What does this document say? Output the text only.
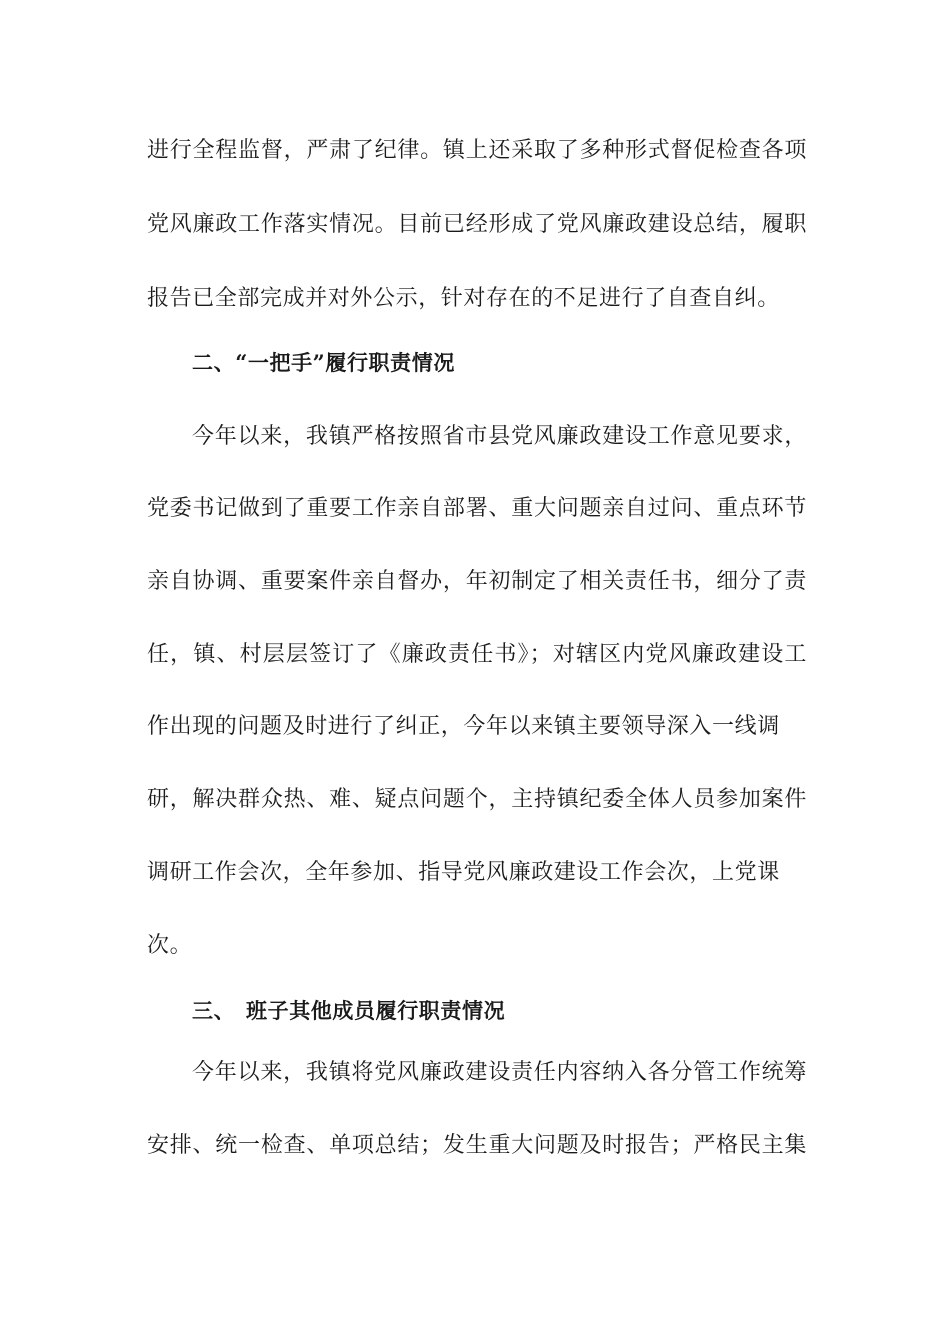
进行全程监督，严肃了纪律。镇上还采取了多种形式督促检查各项
党风廉政工作落实情况。目前已经形成了党风廉政建设总结，履职
报告已全部完成并对外公示，针对存在的不足进行了自查自纠。
二、“一把手”履行职责情况
今年以来，我镇严格按照省市县党风廉政建设工作意见要求，
党委书记做到了重要工作亲自部署、重大问题亲自过问、重点环节
亲自协调、重要案件亲自督办，年初制定了相关责任书，细分了责
任，镇、村层层签订了《廉政责任书》；对辖区内党风廉政建设工
作出现的问题及时进行了纠正，今年以来镇主要领导深入一线调
研，解决群众热、难、疑点问题个，主持镇纪委全体人员参加案件
调研工作会次，全年参加、指导党风廉政建设工作会次，上党课
次。
三、 班子其他成员履行职责情况
今年以来，我镇将党风廉政建设责任内容纳入各分管工作统筹
安排、统一检查、单项总结；发生重大问题及时报告；严格民主集
